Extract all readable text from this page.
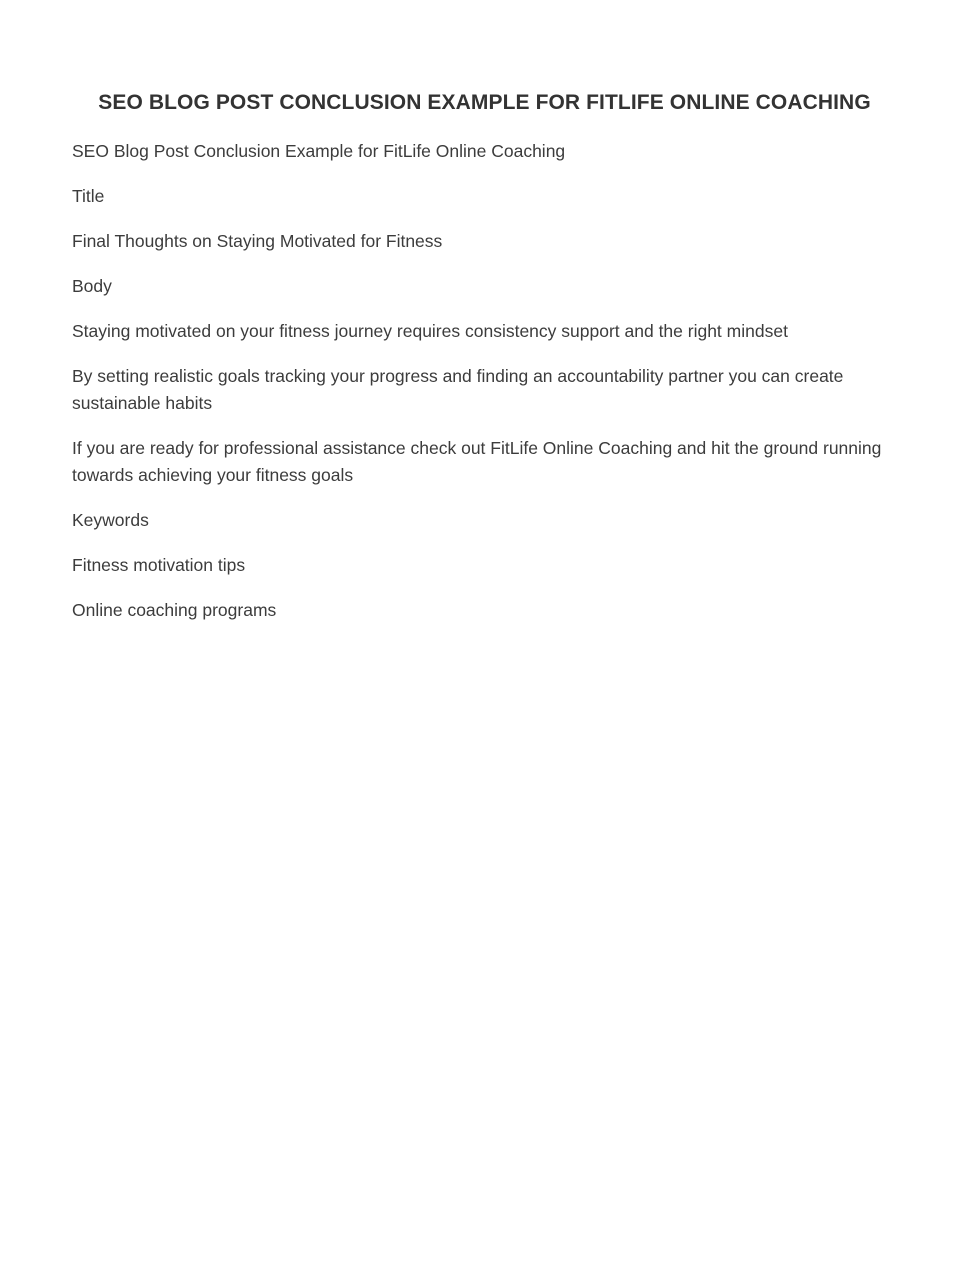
SEO BLOG POST CONCLUSION EXAMPLE FOR FITLIFE ONLINE COACHING

SEO Blog Post Conclusion Example for FitLife Online Coaching

Title

Final Thoughts on Staying Motivated for Fitness

Body

Staying motivated on your fitness journey requires consistency support and the right mindset

By setting realistic goals tracking your progress and finding an accountability partner you can create sustainable habits

If you are ready for professional assistance check out FitLife Online Coaching and hit the ground running towards achieving your fitness goals

Keywords

Fitness motivation tips

Online coaching programs
